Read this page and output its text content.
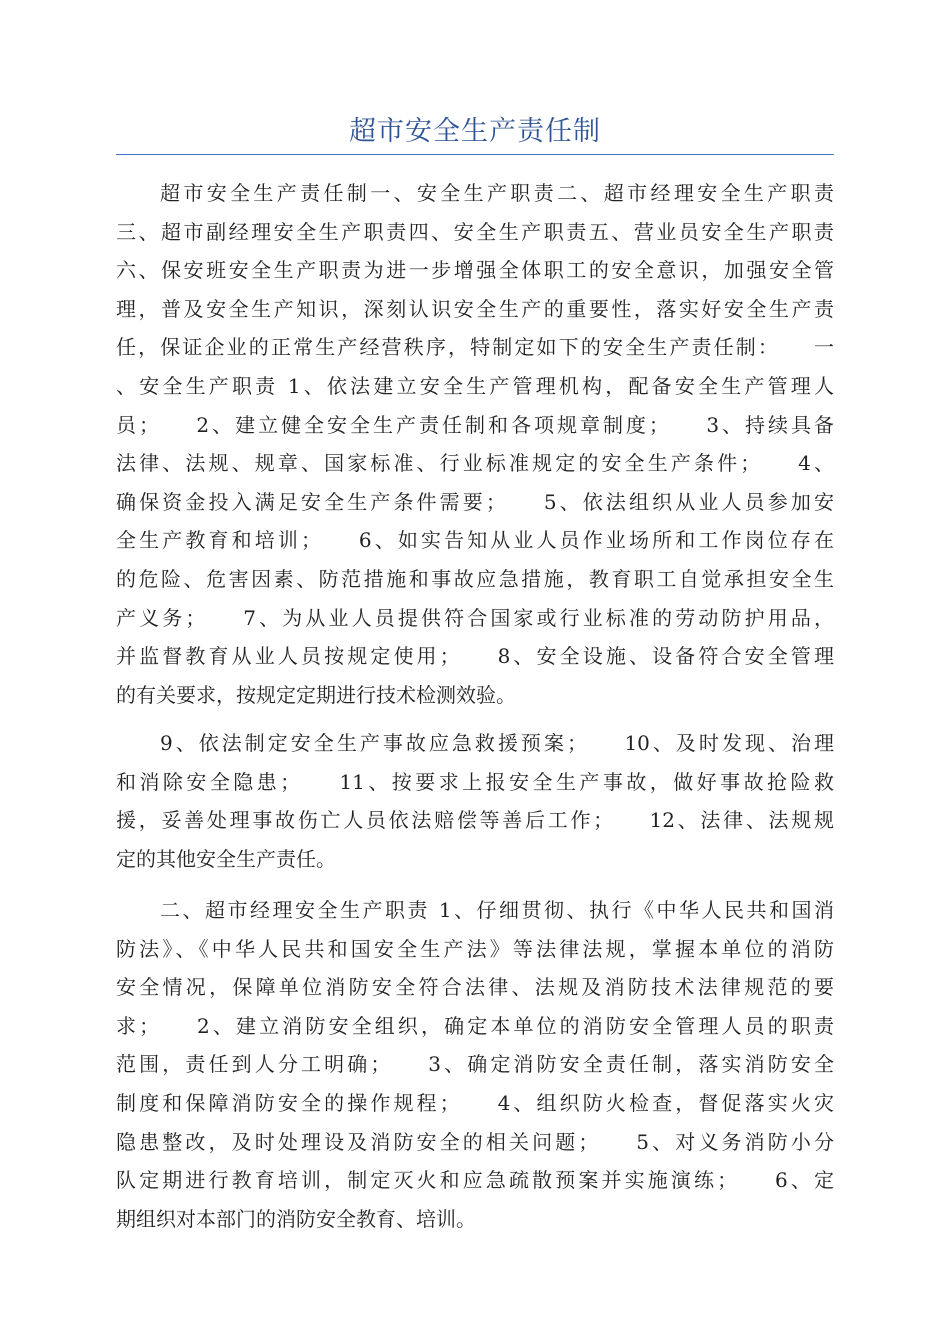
超市安全生产责任制
超市安全生产责任制一、安全生产职责二、超市经理安全生产职责
三、超市副经理安全生产职责四、安全生产职责五、营业员安全生产职责
六、保安班安全生产职责为进一步增强全体职工的安全意识，加强安全管
理，普及安全生产知识，深刻认识安全生产的重要性，落实好安全生产责
任，保证企业的正常生产经营秩序，特制定如下的安全生产责任制：    一
、安全生产职责 1、依法建立安全生产管理机构，配备安全生产管理人
员；    2、建立健全安全生产责任制和各项规章制度；    3、持续具备
法律、法规、规章、国家标准、行业标准规定的安全生产条件；    4、
确保资金投入满足安全生产条件需要；    5、依法组织从业人员参加安
全生产教育和培训；    6、如实告知从业人员作业场所和工作岗位存在
的危险、危害因素、防范措施和事故应急措施，教育职工自觉承担安全生
产义务；    7、为从业人员提供符合国家或行业标准的劳动防护用品，
并监督教育从业人员按规定使用；    8、安全设施、设备符合安全管理
的有关要求，按规定定期进行技术检测效验。
9、依法制定安全生产事故应急救援预案；    10、及时发现、治理
和消除安全隐患；    11、按要求上报安全生产事故，做好事故抢险救
援，妥善处理事故伤亡人员依法赔偿等善后工作；    12、法律、法规规
定的其他安全生产责任。
二、超市经理安全生产职责 1、仔细贯彻、执行《中华人民共和国消
防法》、《中华人民共和国安全生产法》等法律法规，掌握本单位的消防
安全情况，保障单位消防安全符合法律、法规及消防技术法律规范的要
求；    2、建立消防安全组织，确定本单位的消防安全管理人员的职责
范围，责任到人分工明确；    3、确定消防安全责任制，落实消防安全
制度和保障消防安全的操作规程；    4、组织防火检查，督促落实火灾
隐患整改，及时处理设及消防安全的相关问题；    5、对义务消防小分
队定期进行教育培训，制定灭火和应急疏散预案并实施演练；    6、定
期组织对本部门的消防安全教育、培训。
